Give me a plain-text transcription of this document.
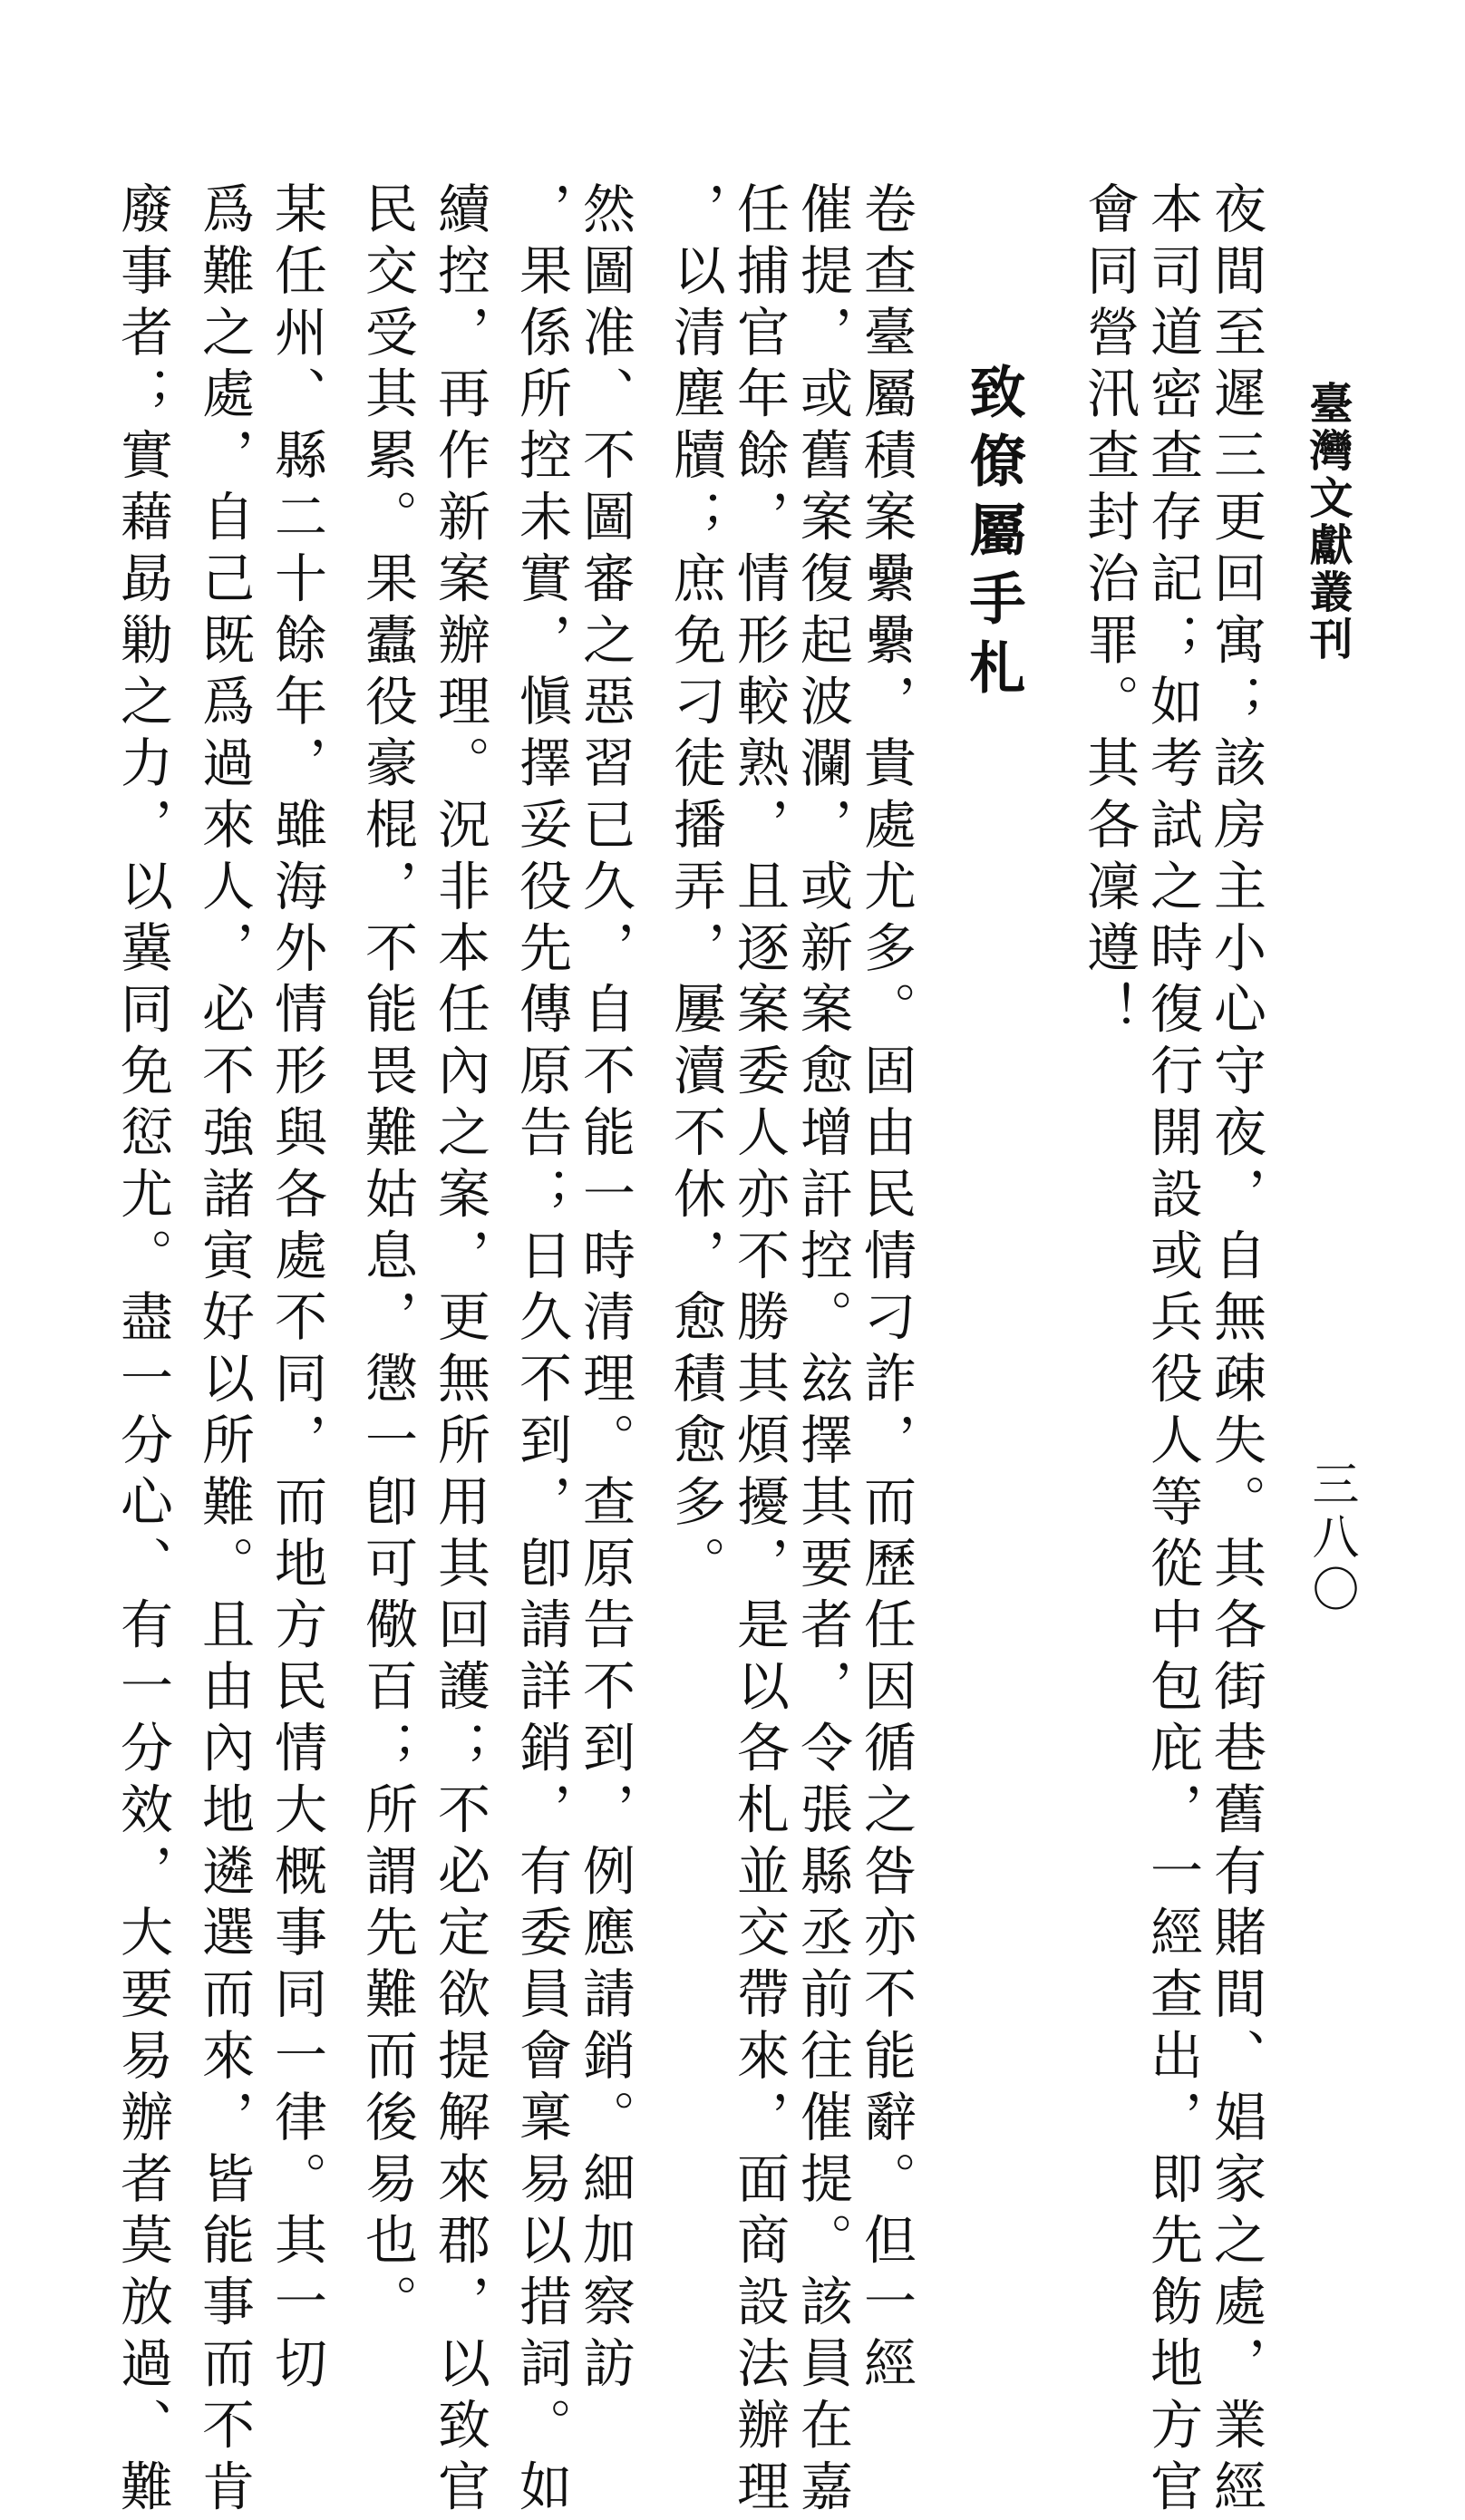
臺灣文獻叢刊
三八〇
夜間至遲三更回寓；該房主小心守夜，自無疎失。其各街巷舊有賭間、娼家之處，業經
本司道密查存記；如考試之時復行開設或兵役人等從中包庇，一經查出，即先飭地方官
會同營汛查封治罪。其各凜遵！
致僚屬手札
卷查臺屬積案纍纍，貴處尤多。固由民情刁詐，而歷任因循之咎亦不能辭。但一經
催提，或舊案復起波瀾，或新案愈增訐控。玆擇其要者，令張縣丞前往催提。該員在嘉
任捕官年餘，情形較熟，且逐案委人亦不勝其煩擾，是以各札並交帶來，面商設法辦理
，以清塵牘；庶免刁徒播弄，屢瀆不休，愈積愈多。
然圖准、不圖審之惡習已久，自不能一時清理。查原告不到，例應請銷。細加察訪
，果係所控未實，愼擇妥役先傳原告；日久不到，卽請詳銷，有委員會稟易以措詞。如
續控，再作新案辦理。況非本任內之案，更無所用其回護；不必定欲提解來郡，以致官
民交受其累。果蠹役豪棍，不能畏難姑息，懲一卽可儆百；所謂先難而後易也。
某任州、縣二十餘年，雖海外情形與各處不同，而地方民情大概事同一律。其一切
爲難之處，自己既爲過來人，必不強諸寅好以所難。且由內地遴選而來，皆能事而不肯
廢事者；實藉勗勦之力，以冀同免愆尤。盡一分心、有一分效，大要易辦者莫放過、難
